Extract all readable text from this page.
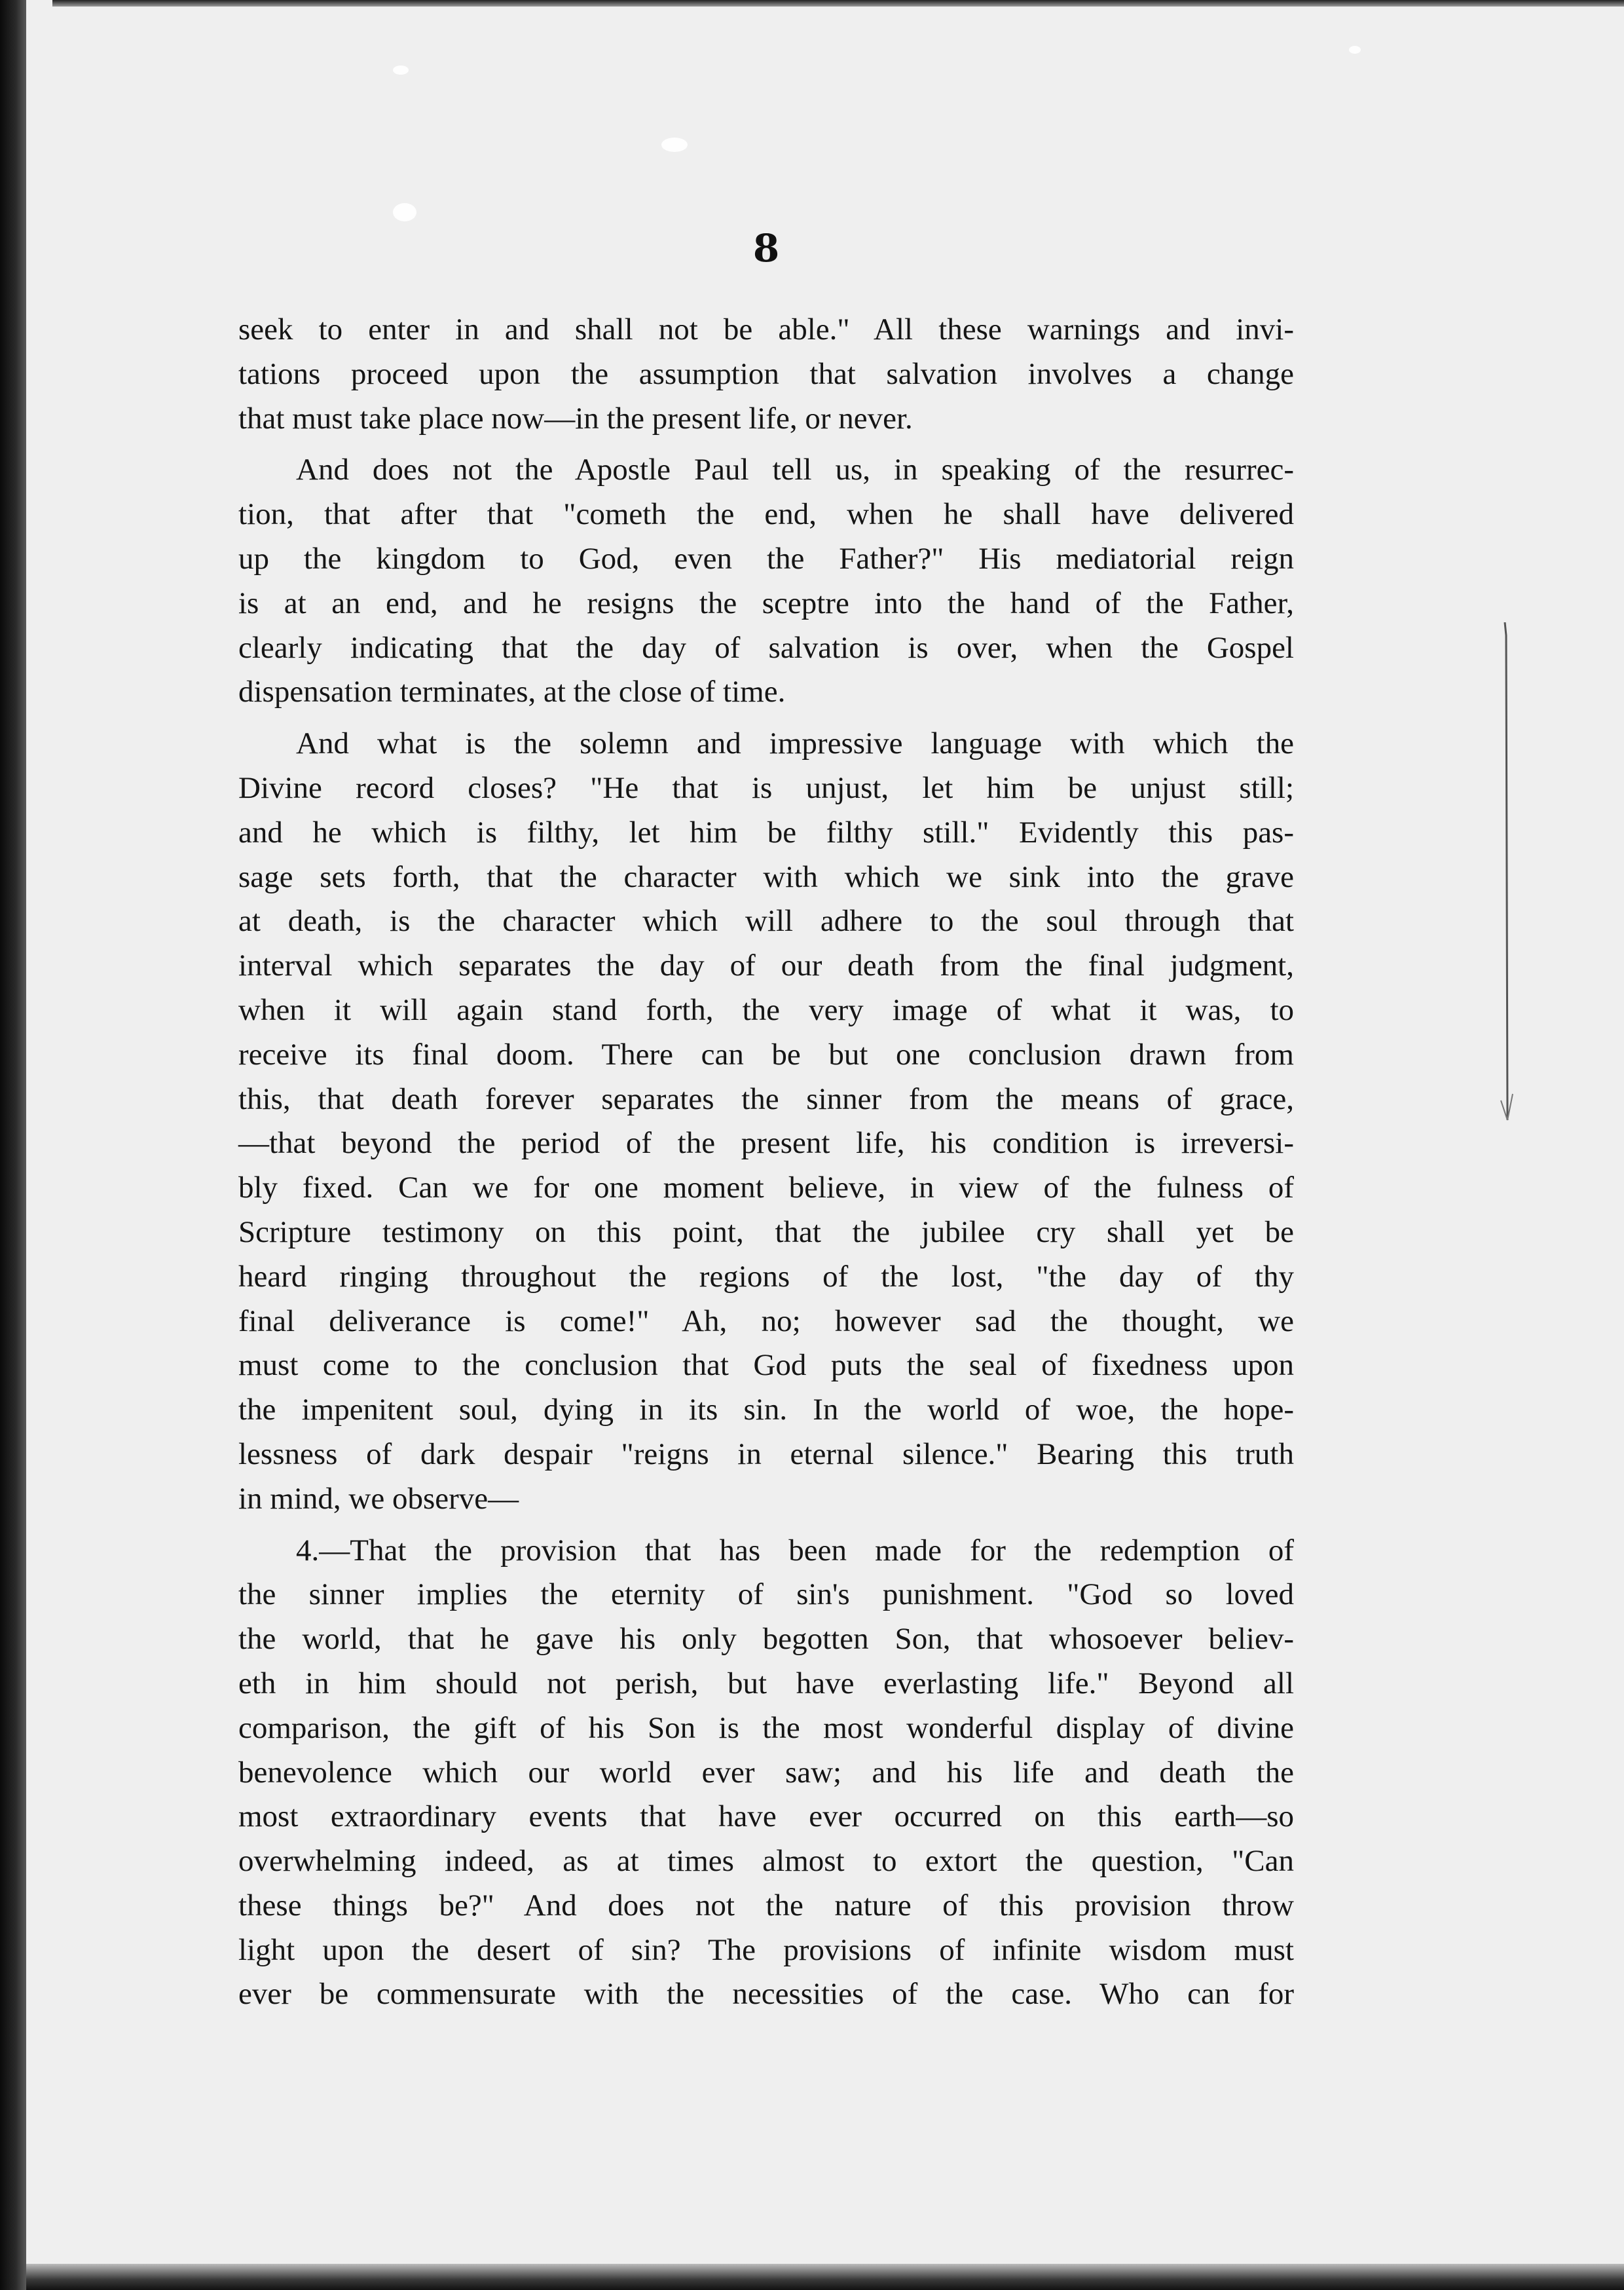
8
seek to enter in and shall not be able." All these warnings and invi-
tations proceed upon the assumption that salvation involves a change
that must take place now—in the present life, or never.
And does not the Apostle Paul tell us, in speaking of the resurrec-
tion, that after that "cometh the end, when he shall have delivered
up the kingdom to God, even the Father?" His mediatorial reign
is at an end, and he resigns the sceptre into the hand of the Father,
clearly indicating that the day of salvation is over, when the Gospel
dispensation terminates, at the close of time.
And what is the solemn and impressive language with which the
Divine record closes? "He that is unjust, let him be unjust still;
and he which is filthy, let him be filthy still." Evidently this pas-
sage sets forth, that the character with which we sink into the grave
at death, is the character which will adhere to the soul through that
interval which separates the day of our death from the final judgment,
when it will again stand forth, the very image of what it was, to
receive its final doom. There can be but one conclusion drawn from
this, that death forever separates the sinner from the means of grace,
—that beyond the period of the present life, his condition is irreversi-
bly fixed. Can we for one moment believe, in view of the fulness of
Scripture testimony on this point, that the jubilee cry shall yet be
heard ringing throughout the regions of the lost, "the day of thy
final deliverance is come!" Ah, no; however sad the thought, we
must come to the conclusion that God puts the seal of fixedness upon
the impenitent soul, dying in its sin. In the world of woe, the hope-
lessness of dark despair "reigns in eternal silence." Bearing this truth
in mind, we observe—
4.—That the provision that has been made for the redemption of
the sinner implies the eternity of sin's punishment. "God so loved
the world, that he gave his only begotten Son, that whosoever believ-
eth in him should not perish, but have everlasting life." Beyond all
comparison, the gift of his Son is the most wonderful display of divine
benevolence which our world ever saw; and his life and death the
most extraordinary events that have ever occurred on this earth—so
overwhelming indeed, as at times almost to extort the question, "Can
these things be?" And does not the nature of this provision throw
light upon the desert of sin? The provisions of infinite wisdom must
ever be commensurate with the necessities of the case. Who can for
